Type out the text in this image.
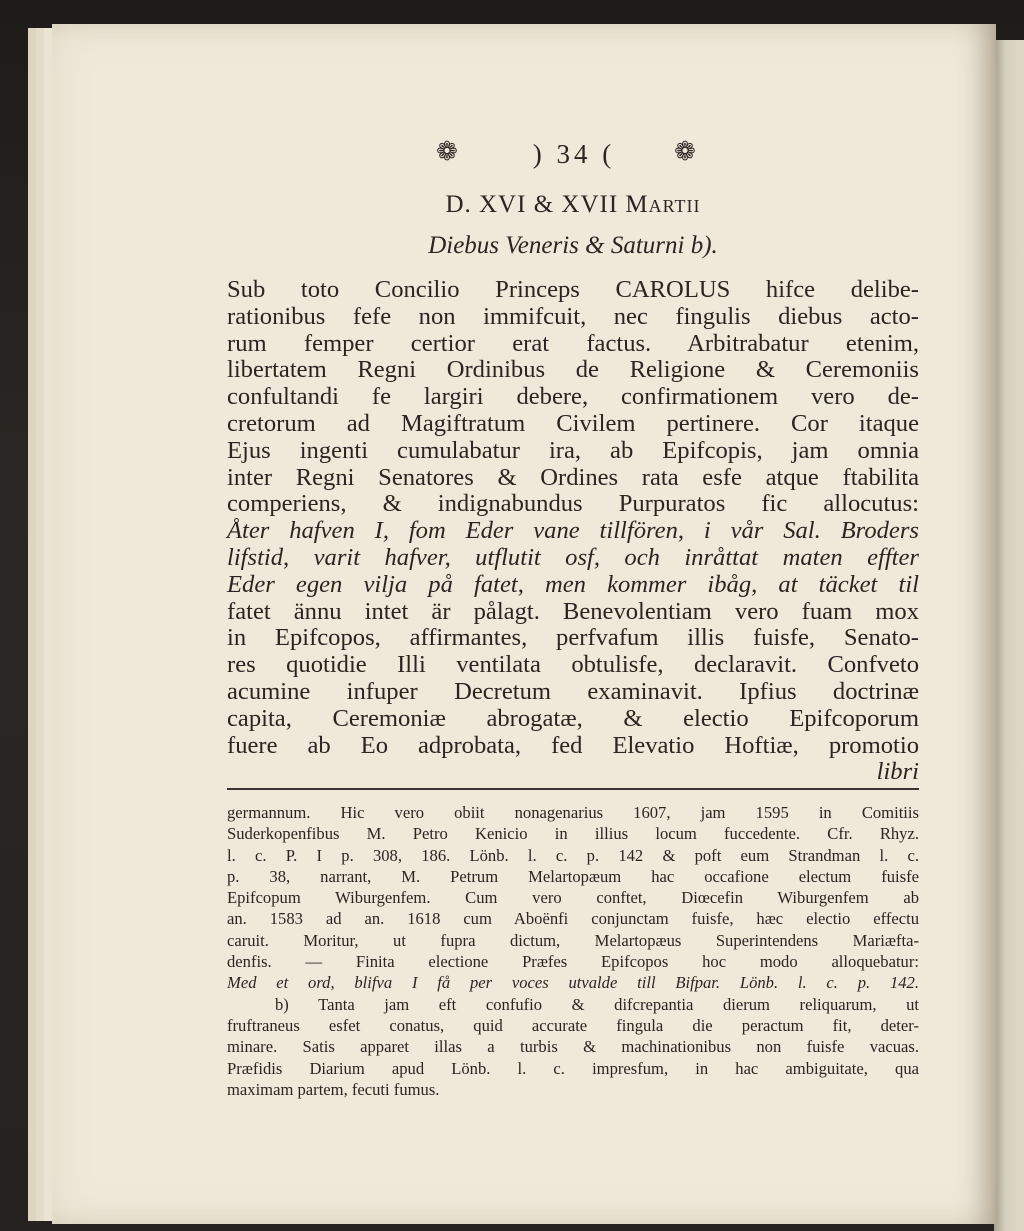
❁	) 34 (	❁
D. XVI & XVII Martii
Diebus Veneris & Saturni b).
Sub toto Concilio Princeps CAROLUS hifce delibe-
rationibus fefe non immifcuit, nec fingulis diebus acto-
rum femper certior erat factus. Arbitrabatur etenim,
libertatem Regni Ordinibus de Religione & Ceremoniis
confultandi fe largiri debere, confirmationem vero de-
cretorum ad Magiftratum Civilem pertinere. Cor itaque
Ejus ingenti cumulabatur ira, ab Epifcopis, jam omnia
inter Regni Senatores & Ordines rata esfe atque ftabilita
comperiens, & indignabundus Purpuratos fic allocutus:
Åter hafven I, fom Eder vane tillfören, i vår Sal. Broders
lifstid, varit hafver, utflutit osf, och inråttat maten effter
Eder egen vilja på fatet, men kommer ibåg, at täcket til
fatet ännu intet är pålagt. Benevolentiam vero fuam mox
in Epifcopos, affirmantes, perfvafum illis fuisfe, Senato-
res quotidie Illi ventilata obtulisfe, declaravit. Confveto
acumine infuper Decretum examinavit. Ipfius doctrinæ
capita, Ceremoniæ abrogatæ, & electio Epifcoporum
fuere ab Eo adprobata, fed Elevatio Hoftiæ, promotio
libri
germannum. Hic vero obiit nonagenarius 1607, jam 1595 in Comitiis
Suderkopenfibus M. Petro Kenicio in illius locum fuccedente. Cfr. Rhyz.
l. c. P. I p. 308, 186. Lönb. l. c. p. 142 & poft eum Strandman l. c.
p. 38, narrant, M. Petrum Melartopæum hac occafione electum fuisfe
Epifcopum Wiburgenfem. Cum vero conftet, Diœcefin Wiburgenfem ab
an. 1583 ad an. 1618 cum Aboënfi conjunctam fuisfe, hæc electio effectu
caruit. Moritur, ut fupra dictum, Melartopæus Superintendens Mariæfta-
denfis. — Finita electione Præfes Epifcopos hoc modo alloquebatur:
Med et ord, blifva I få per voces utvalde till Bifpar. Lönb. l. c. p. 142.
b) Tanta jam eft confufio & difcrepantia dierum reliquarum, ut
fruftraneus esfet conatus, quid accurate fingula die peractum fit, deter-
minare. Satis apparet illas a turbis & machinationibus non fuisfe vacuas.
Præfidis Diarium apud Lönb. l. c. impresfum, in hac ambiguitate, qua
maximam partem, fecuti fumus.
